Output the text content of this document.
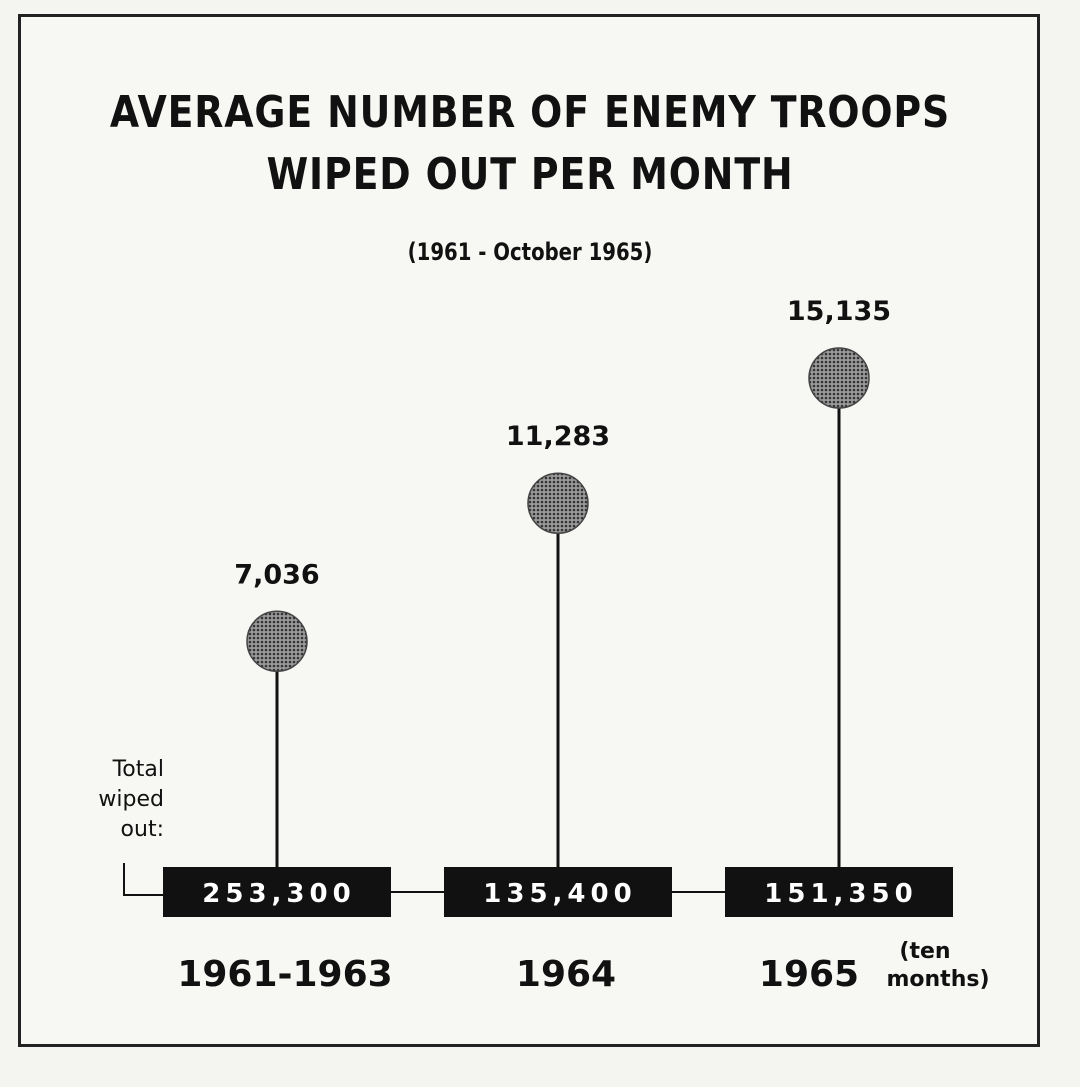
AVERAGE NUMBER OF ENEMY TROOPS
WIPED OUT PER MONTH
(1961 - October 1965)
Total
wiped
out:
7,036
253,300
1961-1963
11,283
135,400
1964
15,135
151,350
1965
(ten
months)
